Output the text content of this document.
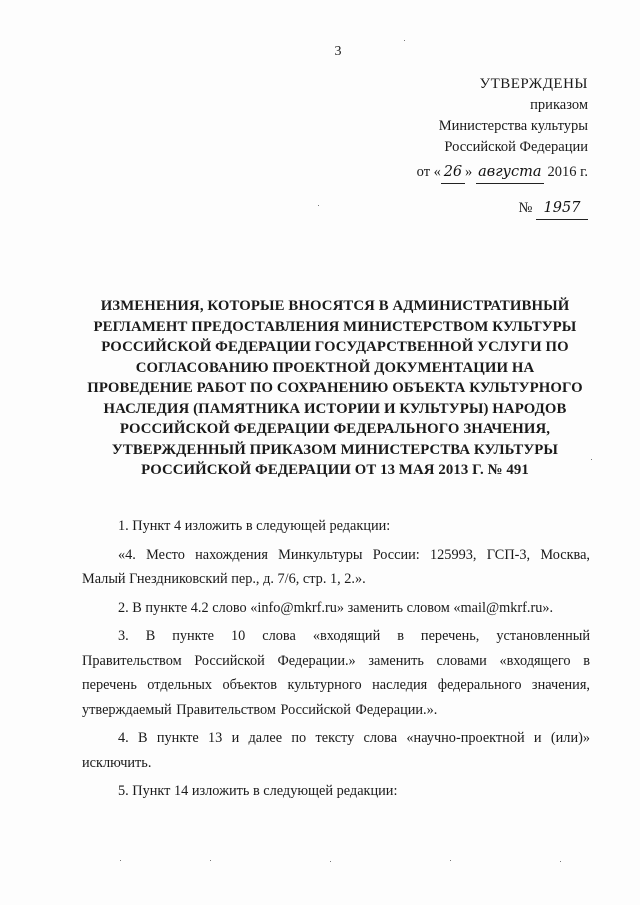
3
УТВЕРЖДЕНЫ
приказом
Министерства культуры
Российской Федерации
от « 26 » августа 2016 г.
№ 1957
ИЗМЕНЕНИЯ, КОТОРЫЕ ВНОСЯТСЯ В АДМИНИСТРАТИВНЫЙ
РЕГЛАМЕНТ ПРЕДОСТАВЛЕНИЯ МИНИСТЕРСТВОМ КУЛЬТУРЫ
РОССИЙСКОЙ ФЕДЕРАЦИИ ГОСУДАРСТВЕННОЙ УСЛУГИ ПО
СОГЛАСОВАНИЮ ПРОЕКТНОЙ ДОКУМЕНТАЦИИ НА
ПРОВЕДЕНИЕ РАБОТ ПО СОХРАНЕНИЮ ОБЪЕКТА КУЛЬТУРНОГО
НАСЛЕДИЯ (ПАМЯТНИКА ИСТОРИИ И КУЛЬТУРЫ) НАРОДОВ
РОССИЙСКОЙ ФЕДЕРАЦИИ ФЕДЕРАЛЬНОГО ЗНАЧЕНИЯ,
УТВЕРЖДЕННЫЙ ПРИКАЗОМ МИНИСТЕРСТВА КУЛЬТУРЫ
РОССИЙСКОЙ ФЕДЕРАЦИИ ОТ 13 МАЯ 2013 Г. № 491

1. Пункт 4 изложить в следующей редакции:

«4. Место нахождения Минкультуры России: 125993, ГСП-3, Москва, Малый Гнездниковский пер., д. 7/6, стр. 1, 2.».

2. В пункте 4.2 слово «info@mkrf.ru» заменить словом «mail@mkrf.ru».

3. В пункте 10 слова «входящий в перечень, установленный Правительством Российской Федерации.» заменить словами «входящего в перечень отдельных объектов культурного наследия федерального значения, утверждаемый Правительством Российской Федерации.».

4. В пункте 13 и далее по тексту слова «научно-проектной и (или)» исключить.

5. Пункт 14 изложить в следующей редакции:
